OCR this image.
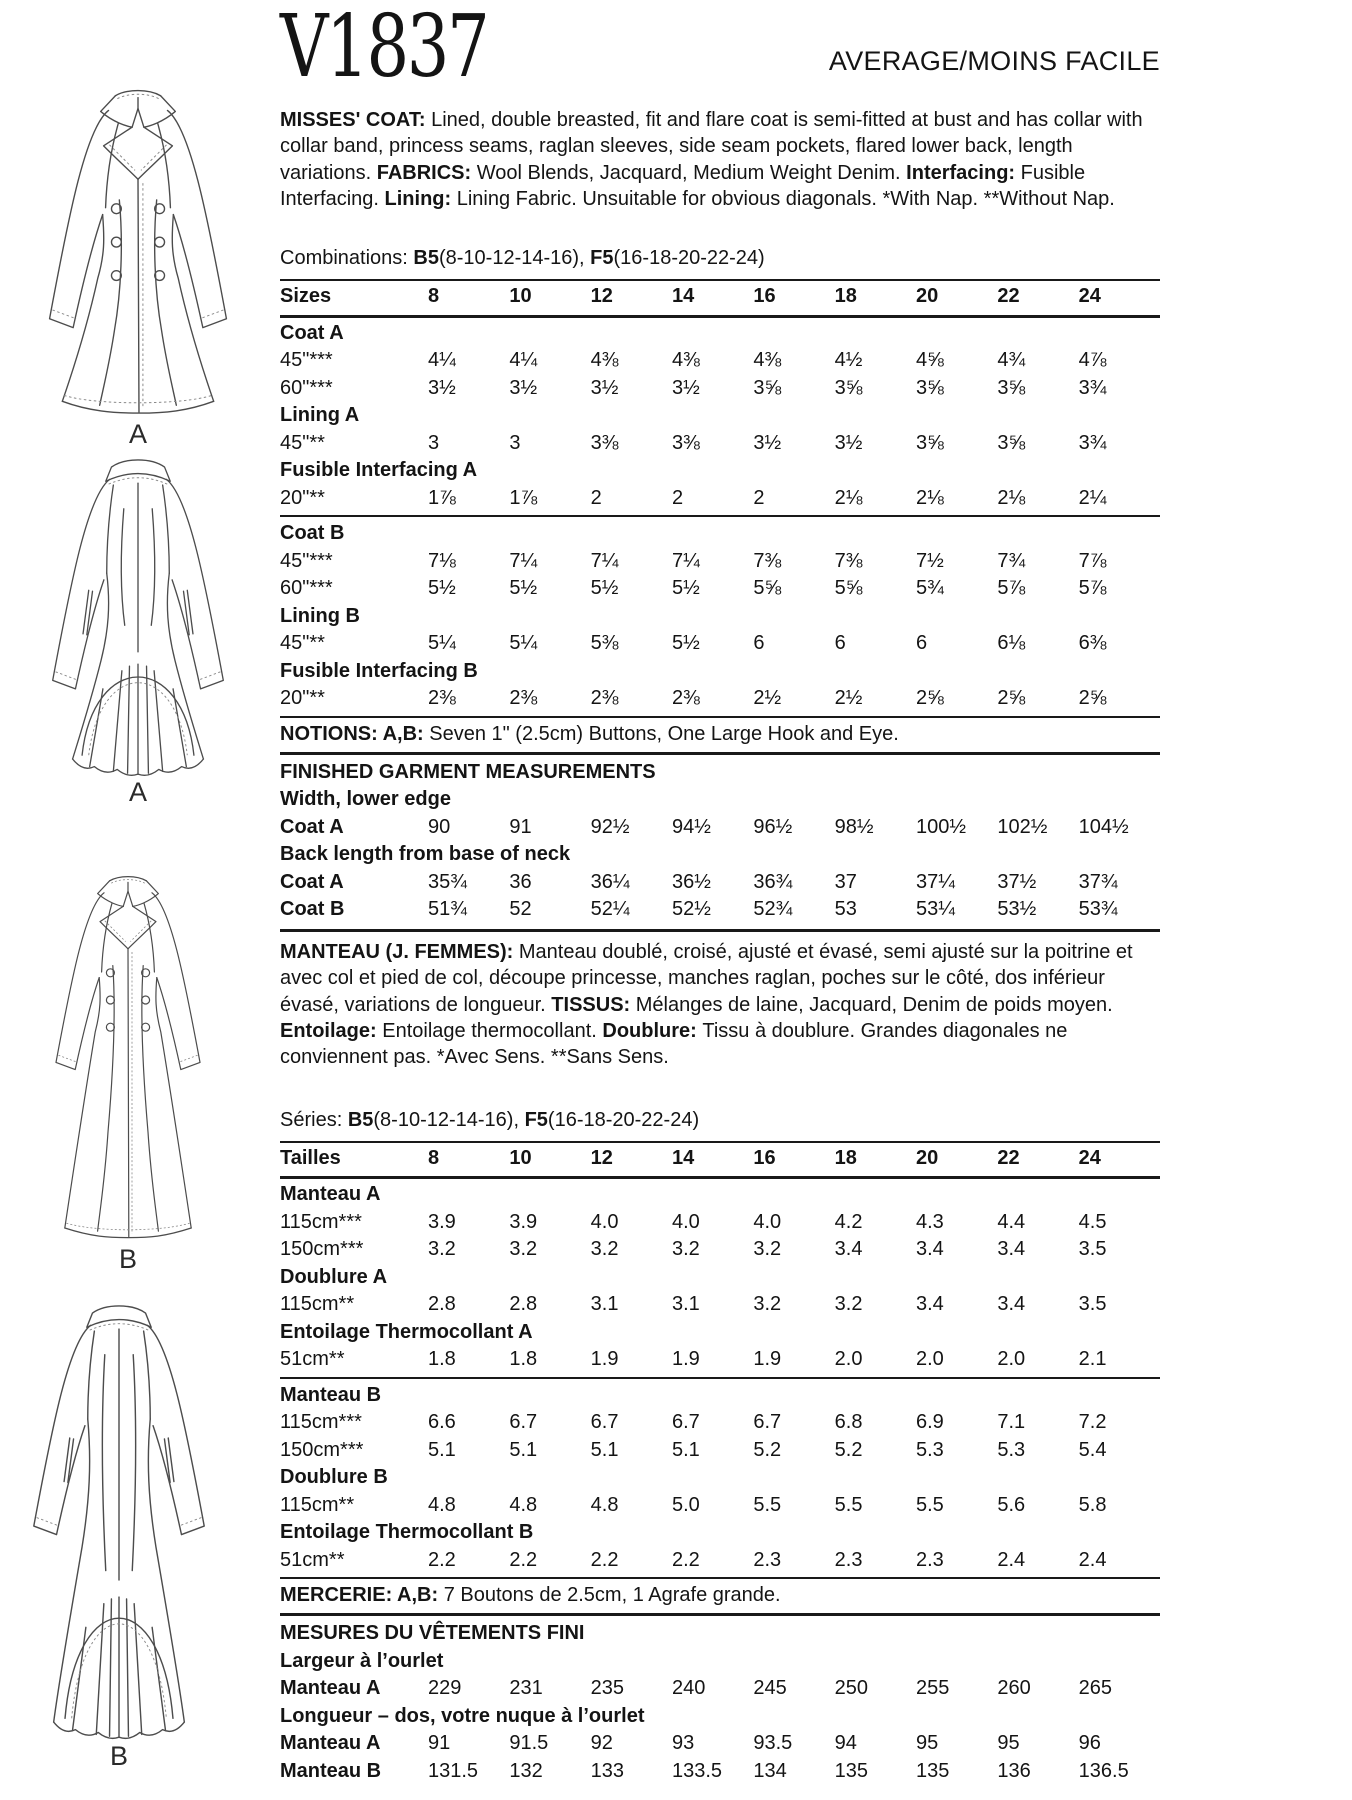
A
A
B
B
V1837	AVERAGE/MOINS FACILE
MISSES' COAT: Lined, double breasted, fit and flare coat is semi-fitted at bust and has collar with collar band, princess seams, raglan sleeves, side seam pockets, flared lower back, length variations. FABRICS: Wool Blends, Jacquard, Medium Weight Denim. Interfacing: Fusible Interfacing. Lining: Lining Fabric. Unsuitable for obvious diagonals. *With Nap. **Without Nap.
Combinations: B5(8-10-12-14-16), F5(16-18-20-22-24)
Sizes	8	10	12	14	16	18	20	22	24
Coat A
45"***	4¼	4¼	4⅜	4⅜	4⅜	4½	4⅝	4¾	4⅞
60"***	3½	3½	3½	3½	3⅝	3⅝	3⅝	3⅝	3¾
Lining A
45"**	3	3	3⅜	3⅜	3½	3½	3⅝	3⅝	3¾
Fusible Interfacing A
20"**	1⅞	1⅞	2	2	2	2⅛	2⅛	2⅛	2¼
Coat B
45"***	7⅛	7¼	7¼	7¼	7⅜	7⅜	7½	7¾	7⅞
60"***	5½	5½	5½	5½	5⅝	5⅝	5¾	5⅞	5⅞
Lining B
45"**	5¼	5¼	5⅜	5½	6	6	6	6⅛	6⅜
Fusible Interfacing B
20"**	2⅜	2⅜	2⅜	2⅜	2½	2½	2⅝	2⅝	2⅝
NOTIONS: A,B: Seven 1" (2.5cm) Buttons, One Large Hook and Eye.
FINISHED GARMENT MEASUREMENTS
Width, lower edge
Coat A	90	91	92½	94½	96½	98½	100½	102½	104½
Back length from base of neck
Coat A	35¾	36	36¼	36½	36¾	37	37¼	37½	37¾
Coat B	51¾	52	52¼	52½	52¾	53	53¼	53½	53¾
MANTEAU (J. FEMMES): Manteau doublé, croisé, ajusté et évasé, semi ajusté sur la poitrine et avec col et pied de col, découpe princesse, manches raglan, poches sur le côté, dos inférieur évasé, variations de longueur. TISSUS: Mélanges de laine, Jacquard, Denim de poids moyen. Entoilage: Entoilage thermocollant. Doublure: Tissu à doublure. Grandes diagonales ne conviennent pas. *Avec Sens. **Sans Sens.
Séries: B5(8-10-12-14-16), F5(16-18-20-22-24)
Tailles	8	10	12	14	16	18	20	22	24
Manteau A
115cm***	3.9	3.9	4.0	4.0	4.0	4.2	4.3	4.4	4.5
150cm***	3.2	3.2	3.2	3.2	3.2	3.4	3.4	3.4	3.5
Doublure A
115cm**	2.8	2.8	3.1	3.1	3.2	3.2	3.4	3.4	3.5
Entoilage Thermocollant A
51cm**	1.8	1.8	1.9	1.9	1.9	2.0	2.0	2.0	2.1
Manteau B
115cm***	6.6	6.7	6.7	6.7	6.7	6.8	6.9	7.1	7.2
150cm***	5.1	5.1	5.1	5.1	5.2	5.2	5.3	5.3	5.4
Doublure B
115cm**	4.8	4.8	4.8	5.0	5.5	5.5	5.5	5.6	5.8
Entoilage Thermocollant B
51cm**	2.2	2.2	2.2	2.2	2.3	2.3	2.3	2.4	2.4
MERCERIE: A,B: 7 Boutons de 2.5cm, 1 Agrafe grande.
MESURES DU VÊTEMENTS FINI
Largeur à l’ourlet
Manteau A	229	231	235	240	245	250	255	260	265
Longueur – dos, votre nuque à l’ourlet
Manteau A	91	91.5	92	93	93.5	94	95	95	96
Manteau B	131.5	132	133	133.5	134	135	135	136	136.5
